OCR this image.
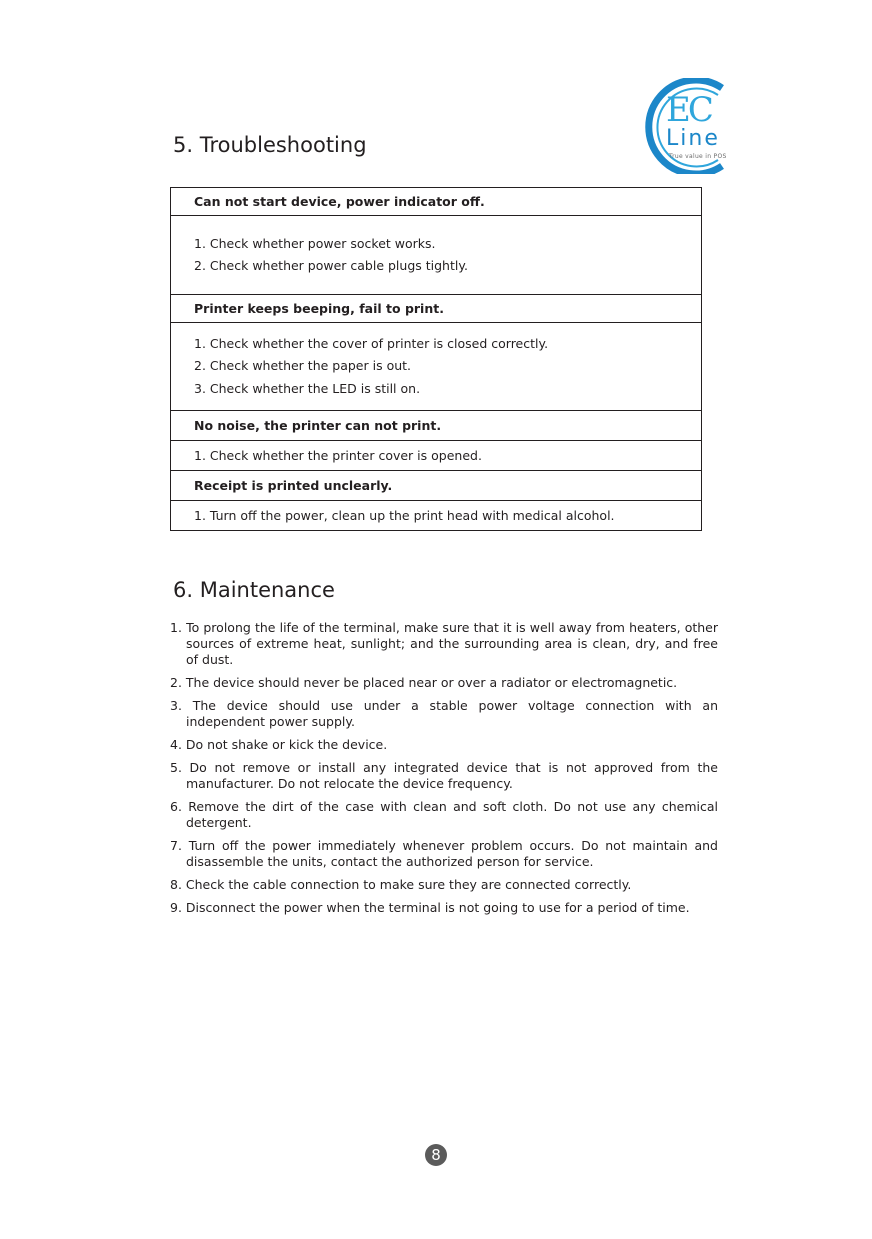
EC
Line
True value in POS
5. Troubleshooting
Can not start device, power indicator off.

1. Check whether power socket works.
2. Check whether power cable plugs tightly.

Printer keeps beeping, fail to print.

1. Check whether the cover of printer is closed correctly.
2. Check whether the paper is out.
3. Check whether the LED is still on.

No noise, the printer can not print.
1. Check whether the printer cover is opened.
Receipt is printed unclearly.
1. Turn off the power, clean up the print head with medical alcohol.
6. Maintenance
1. To prolong the life of the terminal, make sure that it is well away from heaters, other sources of extreme heat, sunlight; and the surrounding area is clean, dry, and free of dust.
2. The device should never be placed near or over a radiator or electromagnetic.
3. The device should use under a stable power voltage connection with an independent power supply.
4. Do not shake or kick the device.
5. Do not remove or install any integrated device that is not approved from the manufacturer. Do not relocate the device frequency.
6. Remove the dirt of the case with clean and soft cloth. Do not use any chemical detergent.
7. Turn off the power immediately whenever problem occurs. Do not maintain and disassemble the units, contact the authorized person for service.
8. Check the cable connection to make sure they are connected correctly.
9. Disconnect the power when the terminal is not going to use for a period of time.
8
